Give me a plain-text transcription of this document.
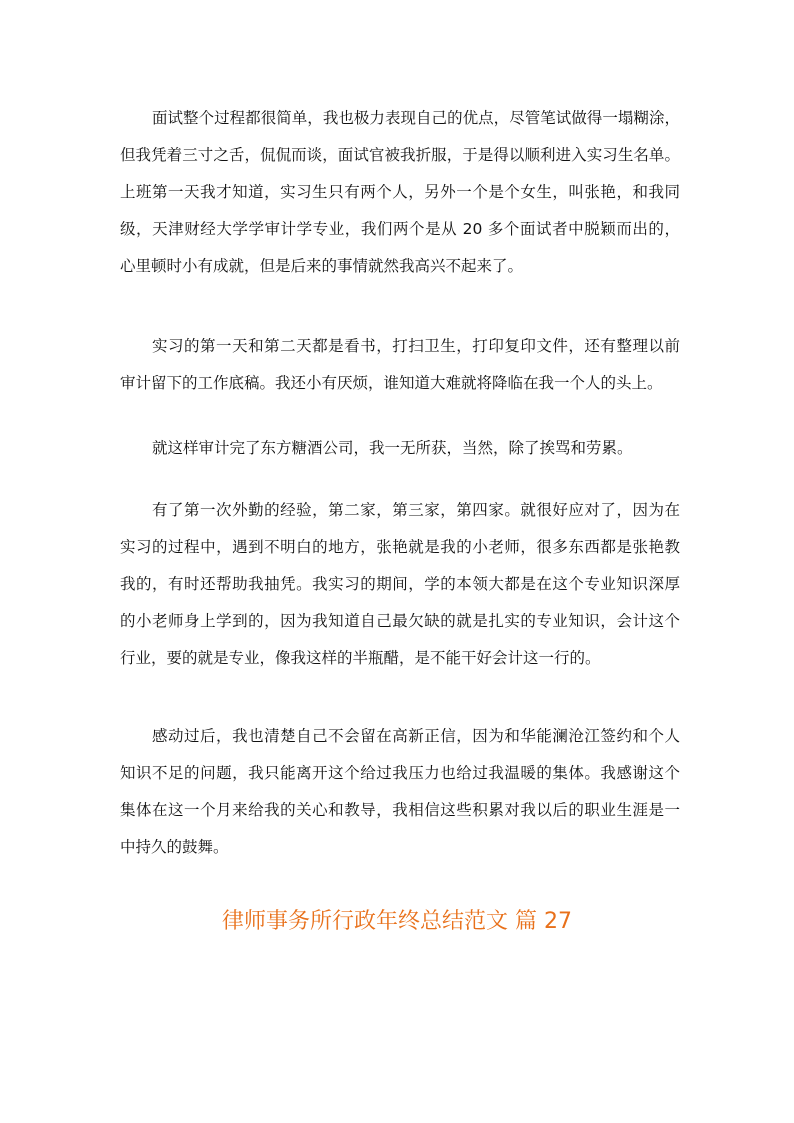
面试整个过程都很简单，我也极力表现自己的优点，尽管笔试做得一塌糊涂，
但我凭着三寸之舌，侃侃而谈，面试官被我折服，于是得以顺利进入实习生名单。
上班第一天我才知道，实习生只有两个人，另外一个是个女生，叫张艳，和我同
级，天津财经大学学审计学专业，我们两个是从 20 多个面试者中脱颖而出的，
心里顿时小有成就，但是后来的事情就然我高兴不起来了。
实习的第一天和第二天都是看书，打扫卫生，打印复印文件，还有整理以前
审计留下的工作底稿。我还小有厌烦，谁知道大难就将降临在我一个人的头上。
就这样审计完了东方糖酒公司，我一无所获，当然，除了挨骂和劳累。
有了第一次外勤的经验，第二家，第三家，第四家。就很好应对了，因为在
实习的过程中，遇到不明白的地方，张艳就是我的小老师，很多东西都是张艳教
我的，有时还帮助我抽凭。我实习的期间，学的本领大都是在这个专业知识深厚
的小老师身上学到的，因为我知道自己最欠缺的就是扎实的专业知识，会计这个
行业，要的就是专业，像我这样的半瓶醋，是不能干好会计这一行的。
感动过后，我也清楚自己不会留在高新正信，因为和华能澜沧江签约和个人
知识不足的问题，我只能离开这个给过我压力也给过我温暖的集体。我感谢这个
集体在这一个月来给我的关心和教导，我相信这些积累对我以后的职业生涯是一
中持久的鼓舞。
律师事务所行政年终总结范文 篇 27
